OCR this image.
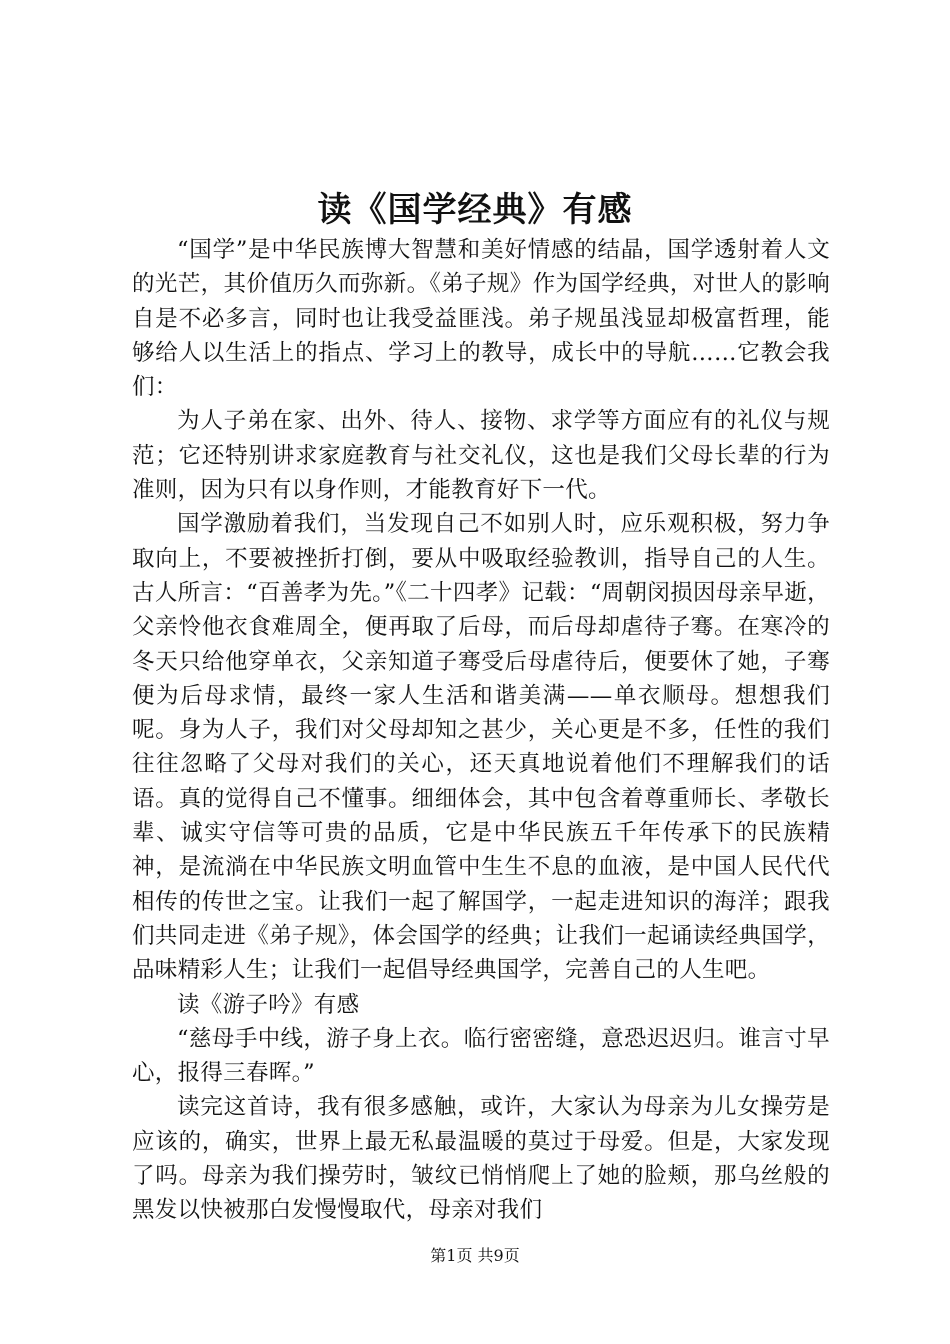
读《国学经典》有感

“国学”是中华民族博大智慧和美好情感的结晶，国学透射着人文的光芒，其价值历久而弥新。《弟子规》作为国学经典，对世人的影响自是不必多言，同时也让我受益匪浅。弟子规虽浅显却极富哲理，能够给人以生活上的指点、学习上的教导，成长中的导航……它教会我们：

为人子弟在家、出外、待人、接物、求学等方面应有的礼仪与规范；它还特别讲求家庭教育与社交礼仪，这也是我们父母长辈的行为准则，因为只有以身作则，才能教育好下一代。

国学激励着我们，当发现自己不如别人时，应乐观积极，努力争取向上，不要被挫折打倒，要从中吸取经验教训，指导自己的人生。古人所言：“百善孝为先。”《二十四孝》记载：“周朝闵损因母亲早逝，父亲怜他衣食难周全，便再取了后母，而后母却虐待子骞。在寒冷的冬天只给他穿单衣，父亲知道子骞受后母虐待后，便要休了她，子骞便为后母求情，最终一家人生活和谐美满——单衣顺母。想想我们呢。身为人子，我们对父母却知之甚少，关心更是不多，任性的我们往往忽略了父母对我们的关心，还天真地说着他们不理解我们的话语。真的觉得自己不懂事。细细体会，其中包含着尊重师长、孝敬长辈、诚实守信等可贵的品质，它是中华民族五千年传承下的民族精神，是流淌在中华民族文明血管中生生不息的血液，是中国人民代代相传的传世之宝。让我们一起了解国学，一起走进知识的海洋；跟我们共同走进《弟子规》，体会国学的经典；让我们一起诵读经典国学，品味精彩人生；让我们一起倡导经典国学，完善自己的人生吧。

读《游子吟》有感

“慈母手中线，游子身上衣。临行密密缝，意恐迟迟归。谁言寸早心，报得三春晖。”

读完这首诗，我有很多感触，或许，大家认为母亲为儿女操劳是应该的，确实，世界上最无私最温暖的莫过于母爱。但是，大家发现了吗。母亲为我们操劳时，皱纹已悄悄爬上了她的脸颊，那乌丝般的黑发以快被那白发慢慢取代，母亲对我们

第1页 共9页
